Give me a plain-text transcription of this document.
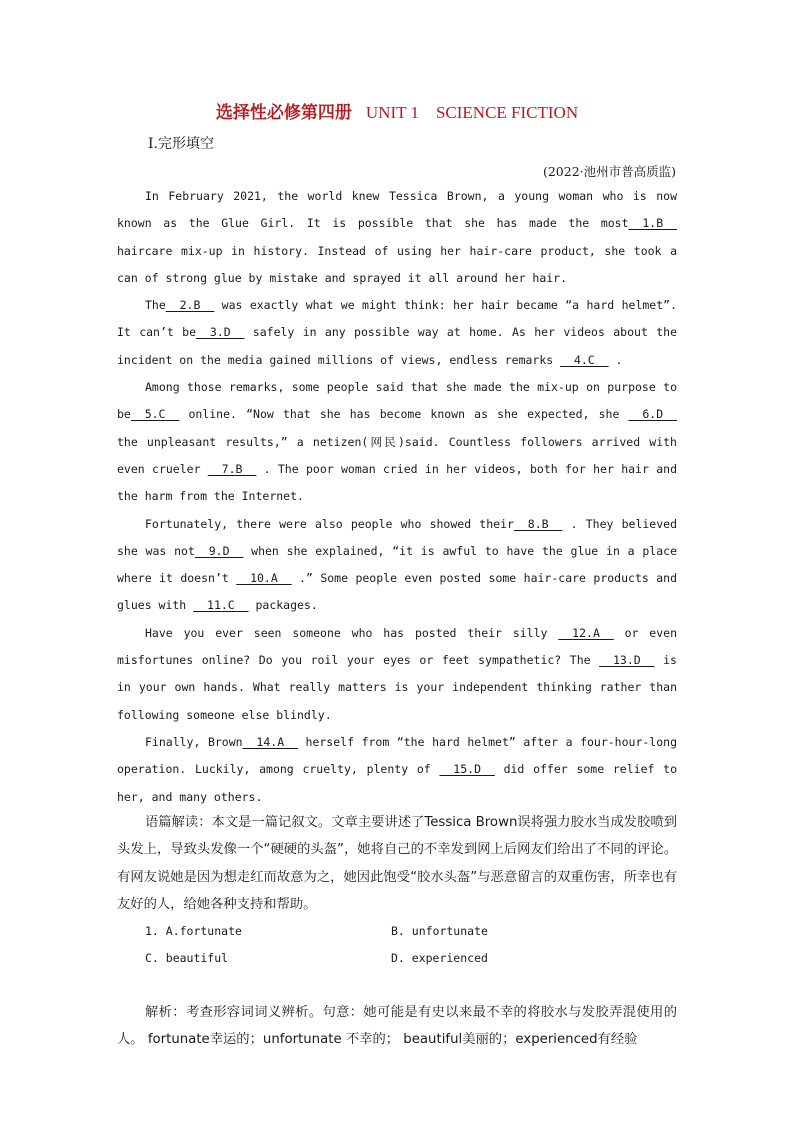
选择性必修第四册 UNIT 1　SCIENCE FICTION
Ⅰ.完形填空
(2022·池州市普高质监)

In February 2021, the world knew Tessica Brown, a young woman who is now known as the Glue Girl. It is possible that she has made the most__1.B__ haircare mix-up in history. Instead of using her hair-care product, she took a can of strong glue by mistake and sprayed it all around her hair.

The__2.B__ was exactly what we might think: her hair became “a hard helmet”. It can’t be__3.D__ safely in any possible way at home. As her videos about the incident on the media gained millions of views, endless remarks __4.C__ .

Among those remarks, some people said that she made the mix-up on purpose to be__5.C__ online. “Now that she has become known as she expected, she __6.D__ the unpleasant results,” a netizen(网民)said. Countless followers arrived with even crueler __7.B__ . The poor woman cried in her videos, both for her hair and the harm from the Internet.

Fortunately, there were also people who showed their__8.B__ . They believed she was not__9.D__ when she explained, “it is awful to have the glue in a place where it doesn’t __10.A__ .” Some people even posted some hair-care products and glues with __11.C__ packages.

Have you ever seen someone who has posted their silly __12.A__ or even misfortunes online? Do you roil your eyes or feet sympathetic? The __13.D__ is in your own hands. What really matters is your independent thinking rather than following someone else blindly.

Finally, Brown__14.A__ herself from “the hard helmet” after a four-hour-long operation. Luckily, among cruelty, plenty of __15.D__ did offer some relief to her, and many others.

语篇解读：本文是一篇记叙文。文章主要讲述了Tessica Brown误将强力胶水当成发胶喷到头发上，导致头发像一个“硬硬的头盔”，她将自己的不幸发到网上后网友们给出了不同的评论。有网友说她是因为想走红而故意为之，她因此饱受“胶水头盔”与恶意留言的双重伤害，所幸也有友好的人，给她各种支持和帮助。

1. A.fortunate	B. unfortunate
C. beautiful	D. experienced

解析：考查形容词词义辨析。句意：她可能是有史以来最不幸的将胶水与发胶弄混使用的人。 fortunate幸运的；unfortunate 不幸的； beautiful美丽的；experienced有经验
